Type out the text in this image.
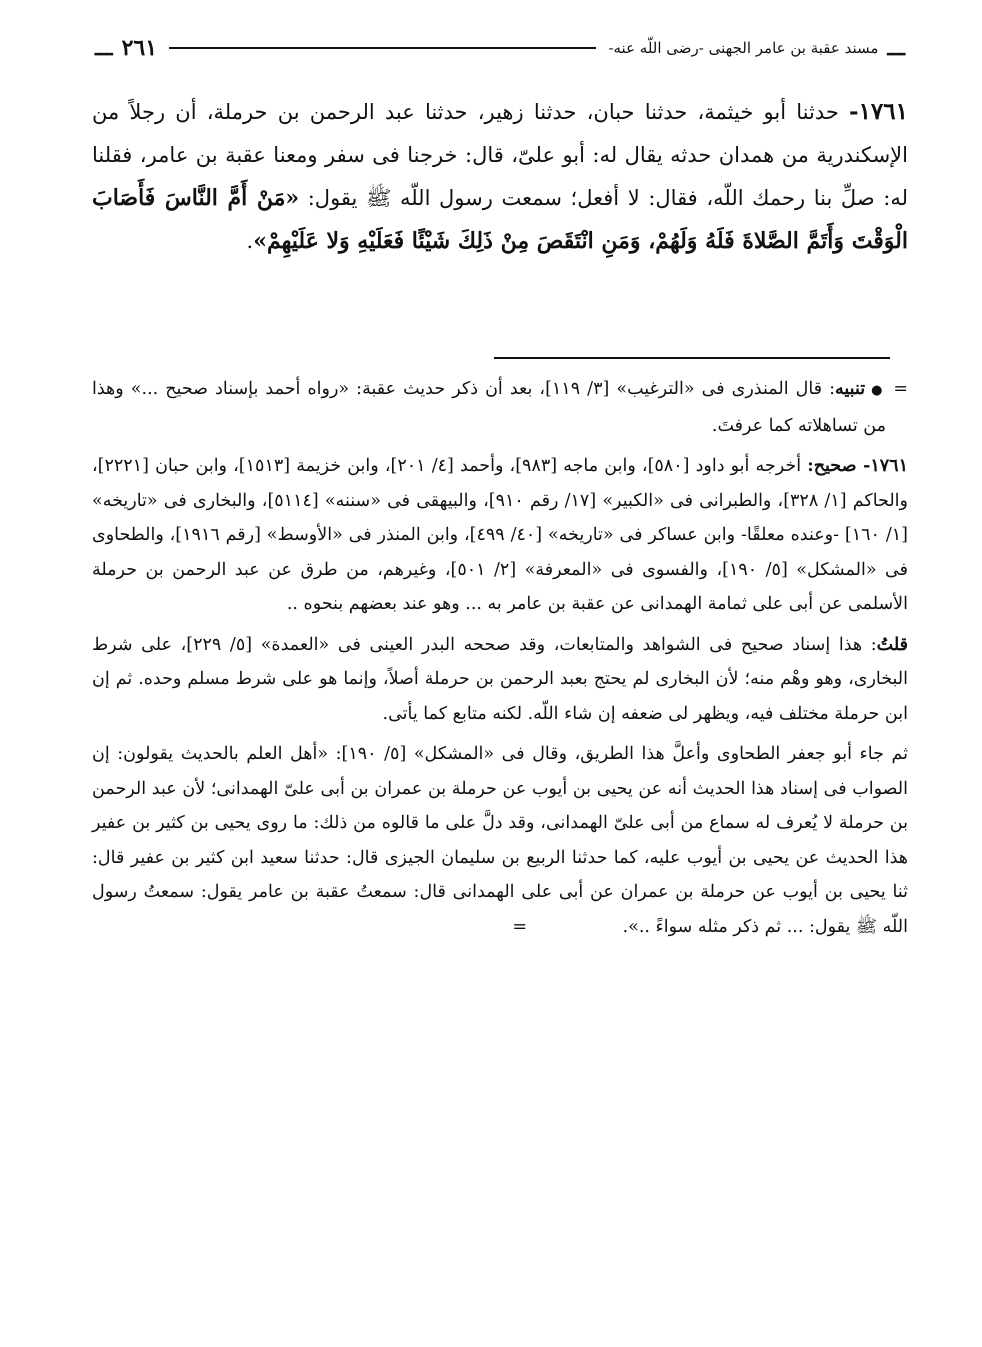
ـــ
مسند عقبة بن عامر الجهنى -رضى اللّه عنه-
٢٦١
ـــ

١٧٦١- حدثنا أبو خيثمة، حدثنا حبان، حدثنا زهير، حدثنا عبد الرحمن بن حرملة، أن رجلاً من الإسكندرية من همدان حدثه يقال له: أبو علىّ، قال: خرجنا فى سفر ومعنا عقبة بن عامر، فقلنا له: صلِّ بنا رحمك اللّه، فقال: لا أفعل؛ سمعت رسول اللّه ﷺ يقول: «مَنْ أَمَّ النَّاسَ فَأَصَابَ الْوَقْتَ وَأَتَمَّ الصَّلاةَ فَلَهُ وَلَهُمْ، وَمَنِ انْتَقَصَ مِنْ ذَلِكَ شَيْئًا فَعَلَيْهِ وَلا عَلَيْهِمْ».

=
●تنبيه: قال المنذرى فى «الترغيب» [٣/ ١١٩]، بعد أن ذكر حديث عقبة: «رواه أحمد بإسناد صحيح ...» وهذا من تساهلاته كما عرفتَ.

١٧٦١- صحيح: أخرجه أبو داود [٥٨٠]، وابن ماجه [٩٨٣]، وأحمد [٤/ ٢٠١]، وابن خزيمة [١٥١٣]، وابن حبان [٢٢٢١]، والحاكم [١/ ٣٢٨]، والطبرانى فى «الكبير» [١٧/ رقم ٩١٠]، والبيهقى فى «سننه» [٥١١٤]، والبخارى فى «تاريخه» [١/ ١٦٠] -وعنده معلقًا- وابن عساكر فى «تاريخه» [٤٠/ ٤٩٩]، وابن المنذر فى «الأوسط» [رقم ١٩١٦]، والطحاوى فى «المشكل» [٥/ ١٩٠]، والفسوى فى «المعرفة» [٢/ ٥٠١]، وغيرهم، من طرق عن عبد الرحمن بن حرملة الأسلمى عن أبى على ثمامة الهمدانى عن عقبة بن عامر به ... وهو عند بعضهم بنحوه ..

قلتُ: هذا إسناد صحيح فى الشواهد والمتابعات، وقد صححه البدر العينى فى «العمدة» [٥/ ٢٢٩]، على شرط البخارى، وهو وهْم منه؛ لأن البخارى لم يحتج بعبد الرحمن بن حرملة أصلاً، وإنما هو على شرط مسلم وحده. ثم إن ابن حرملة مختلف فيه، ويظهر لى ضعفه إن شاء اللّه. لكنه متابع كما يأتى.

ثم جاء أبو جعفر الطحاوى وأعلَّ هذا الطريق، وقال فى «المشكل» [٥/ ١٩٠]: «أهل العلم بالحديث يقولون: إن الصواب فى إسناد هذا الحديث أنه عن يحيى بن أيوب عن حرملة بن عمران بن أبى علىّ الهمدانى؛ لأن عبد الرحمن بن حرملة لا يُعرف له سماع من أبى علىّ الهمدانى، وقد دلَّ على ما قالوه من ذلك: ما روى يحيى بن كثير بن عفير هذا الحديث عن يحيى بن أيوب عليه، كما حدثنا الربيع بن سليمان الجيزى قال: حدثنا سعيد ابن كثير بن عفير قال: ثنا يحيى بن أيوب عن حرملة بن عمران عن أبى على الهمدانى قال: سمعتُ عقبة بن عامر يقول: سمعتُ رسول اللّه ﷺ يقول: ... ثم ذكر مثله سواءً ..». =
